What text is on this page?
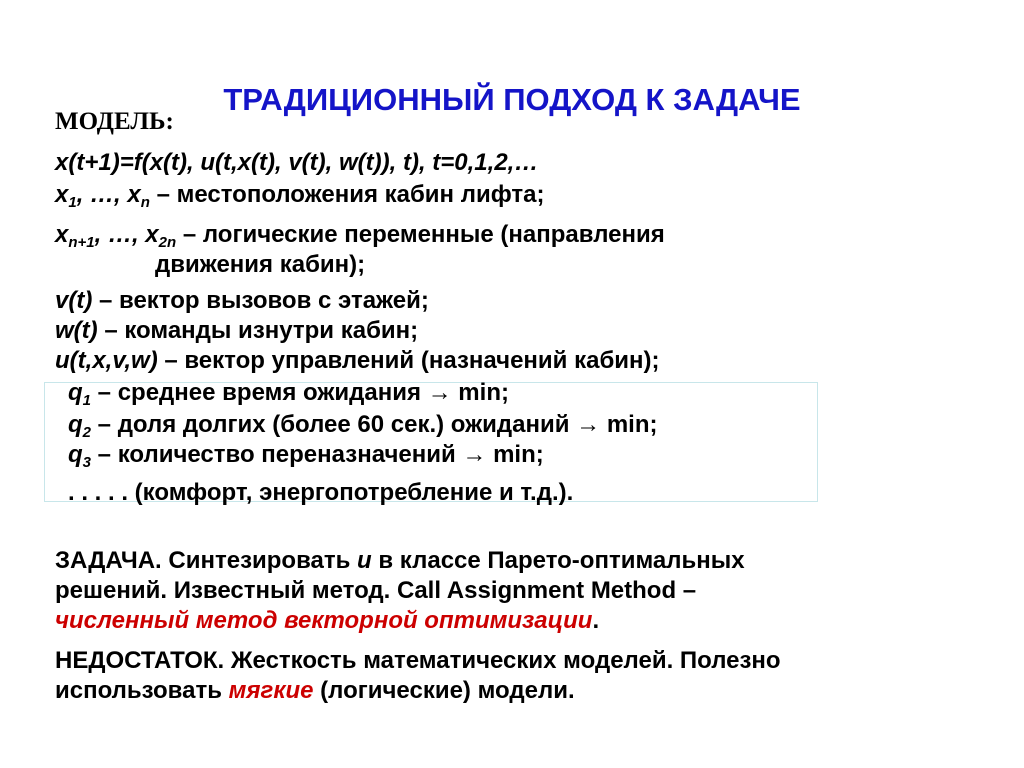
ТРАДИЦИОННЫЙ ПОДХОД К ЗАДАЧЕ
МОДЕЛЬ:
x(t+1)=f(x(t), u(t,x(t), v(t), w(t)), t), t=0,1,2,…
$x_1$, …, $x_n$ – местоположения кабин лифта;
$x_{n+1}$, …, $x_{2n}$ – логические переменные (направления
движения кабин);
v(t) – вектор вызовов с этажей;
w(t) – команды изнутри кабин;
u(t,x,v,w) – вектор управлений (назначений кабин);
$q_1$ – среднее время ожидания → min;
$q_2$ – доля долгих (более 60 сек.) ожиданий → min;
$q_3$ – количество переназначений → min;
. . . . . (комфорт, энергопотребление и т.д.).
ЗАДАЧА. Синтезировать u в классе Парето-оптимальных
решений. Известный метод. Call Assignment Method –
численный метод векторной оптимизации.
НЕДОСТАТОК. Жесткость математических моделей. Полезно
использовать мягкие (логические) модели.
